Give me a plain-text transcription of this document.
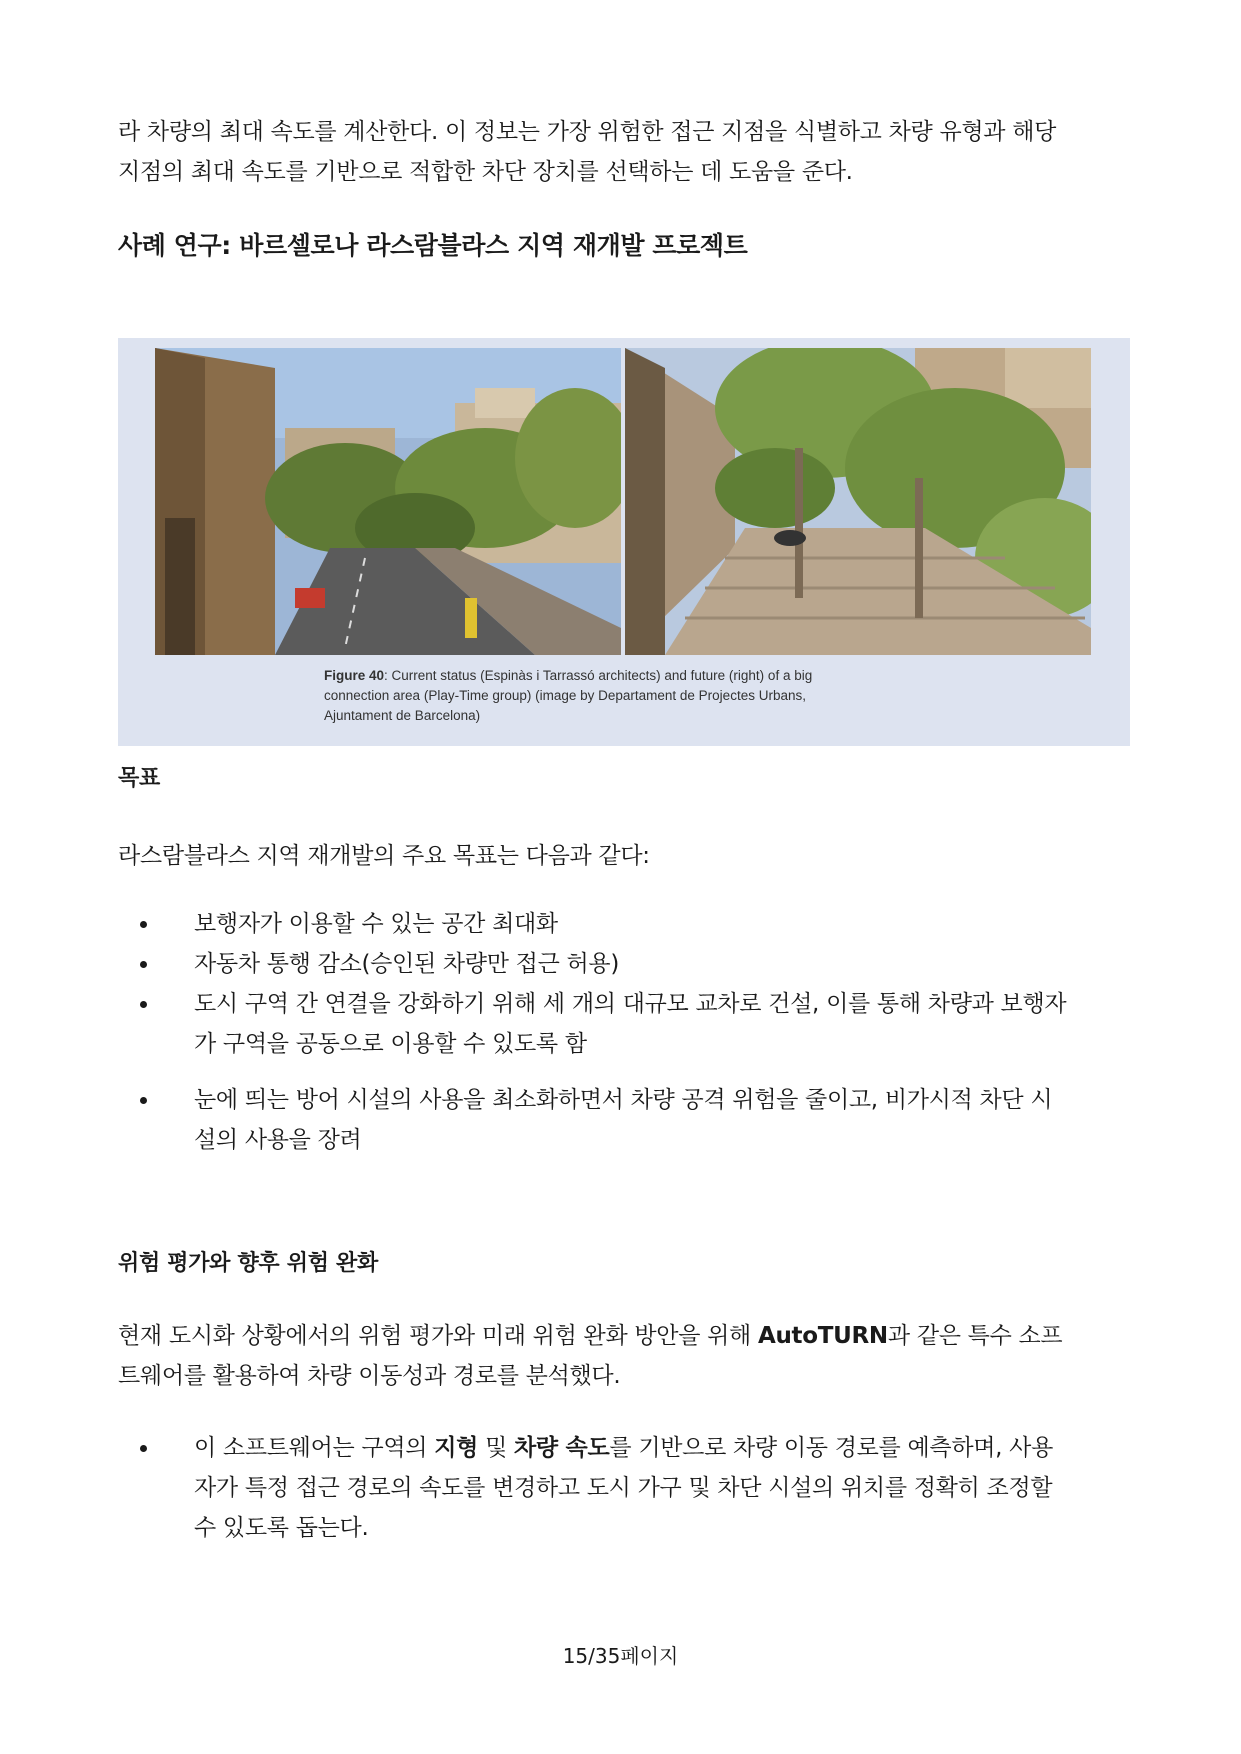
라 차량의 최대 속도를 계산한다. 이 정보는 가장 위험한 접근 지점을 식별하고 차량 유형과 해당

지점의 최대 속도를 기반으로 적합한 차단 장치를 선택하는 데 도움을 준다.

사례 연구: 바르셀로나 라스람블라스 지역 재개발 프로젝트
Figure 40: Current status (Espinàs i Tarrassó architects) and future (right) of a big
connection area (Play-Time group) (image by Departament de Projectes Urbans,
Ajuntament de Barcelona)
목표

라스람블라스 지역 재개발의 주요 목표는 다음과 같다:

보행자가 이용할 수 있는 공간 최대화
자동차 통행 감소(승인된 차량만 접근 허용)
도시 구역 간 연결을 강화하기 위해 세 개의 대규모 교차로 건설, 이를 통해 차량과 보행자
가 구역을 공동으로 이용할 수 있도록 함
눈에 띄는 방어 시설의 사용을 최소화하면서 차량 공격 위험을 줄이고, 비가시적 차단 시
설의 사용을 장려
위험 평가와 향후 위험 완화

현재 도시화 상황에서의 위험 평가와 미래 위험 완화 방안을 위해 AutoTURN과 같은 특수 소프

트웨어를 활용하여 차량 이동성과 경로를 분석했다.

이 소프트웨어는 구역의 지형 및 차량 속도를 기반으로 차량 이동 경로를 예측하며, 사용
자가 특정 접근 경로의 속도를 변경하고 도시 가구 및 차단 시설의 위치를 정확히 조정할
수 있도록 돕는다.
15/35페이지
